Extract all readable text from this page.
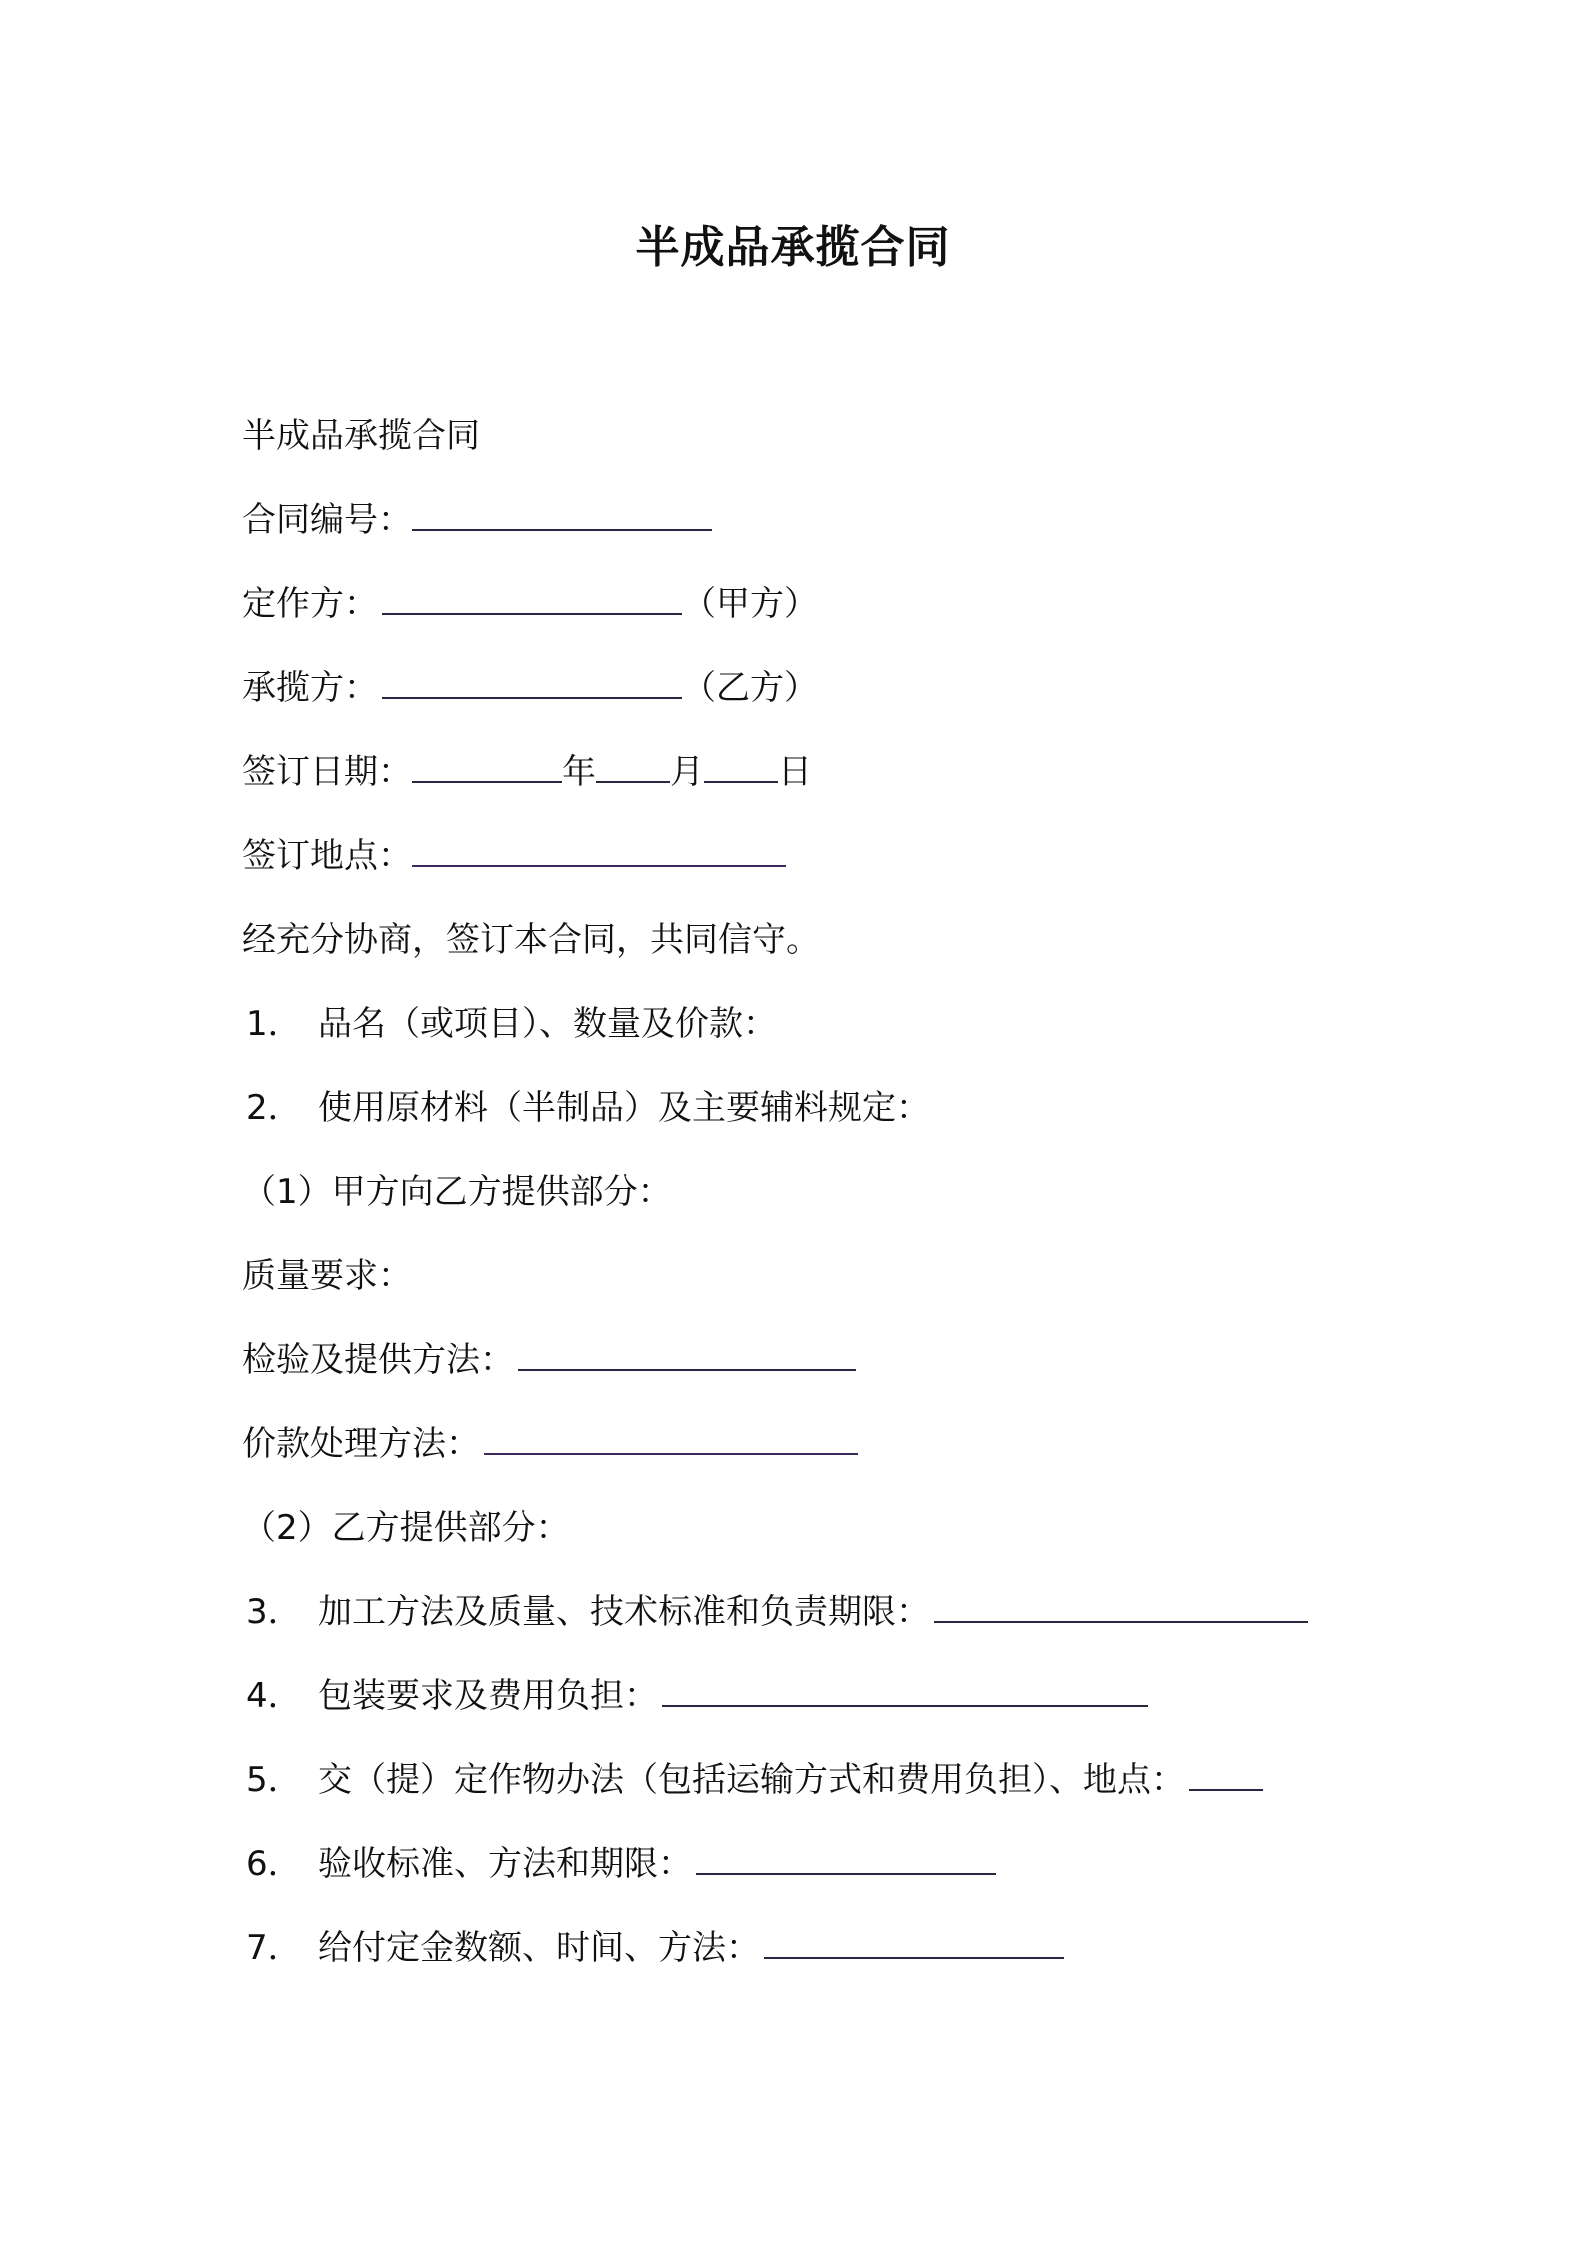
半成品承揽合同
半成品承揽合同
合同编号：
定作方：	（甲方）
承揽方：	（乙方）
签订日期：	年 月 日
签订地点：
经充分协商，签订本合同，共同信守。
1． 品名（或项目）、数量及价款：
2． 使用原材料（半制品）及主要辅料规定：
（1）甲方向乙方提供部分：
质量要求：
检验及提供方法：
价款处理方法：
（2）乙方提供部分：
3． 加工方法及质量、技术标准和负责期限：
4． 包装要求及费用负担：
5． 交（提）定作物办法（包括运输方式和费用负担）、地点：
6． 验收标准、方法和期限：
7． 给付定金数额、时间、方法：
